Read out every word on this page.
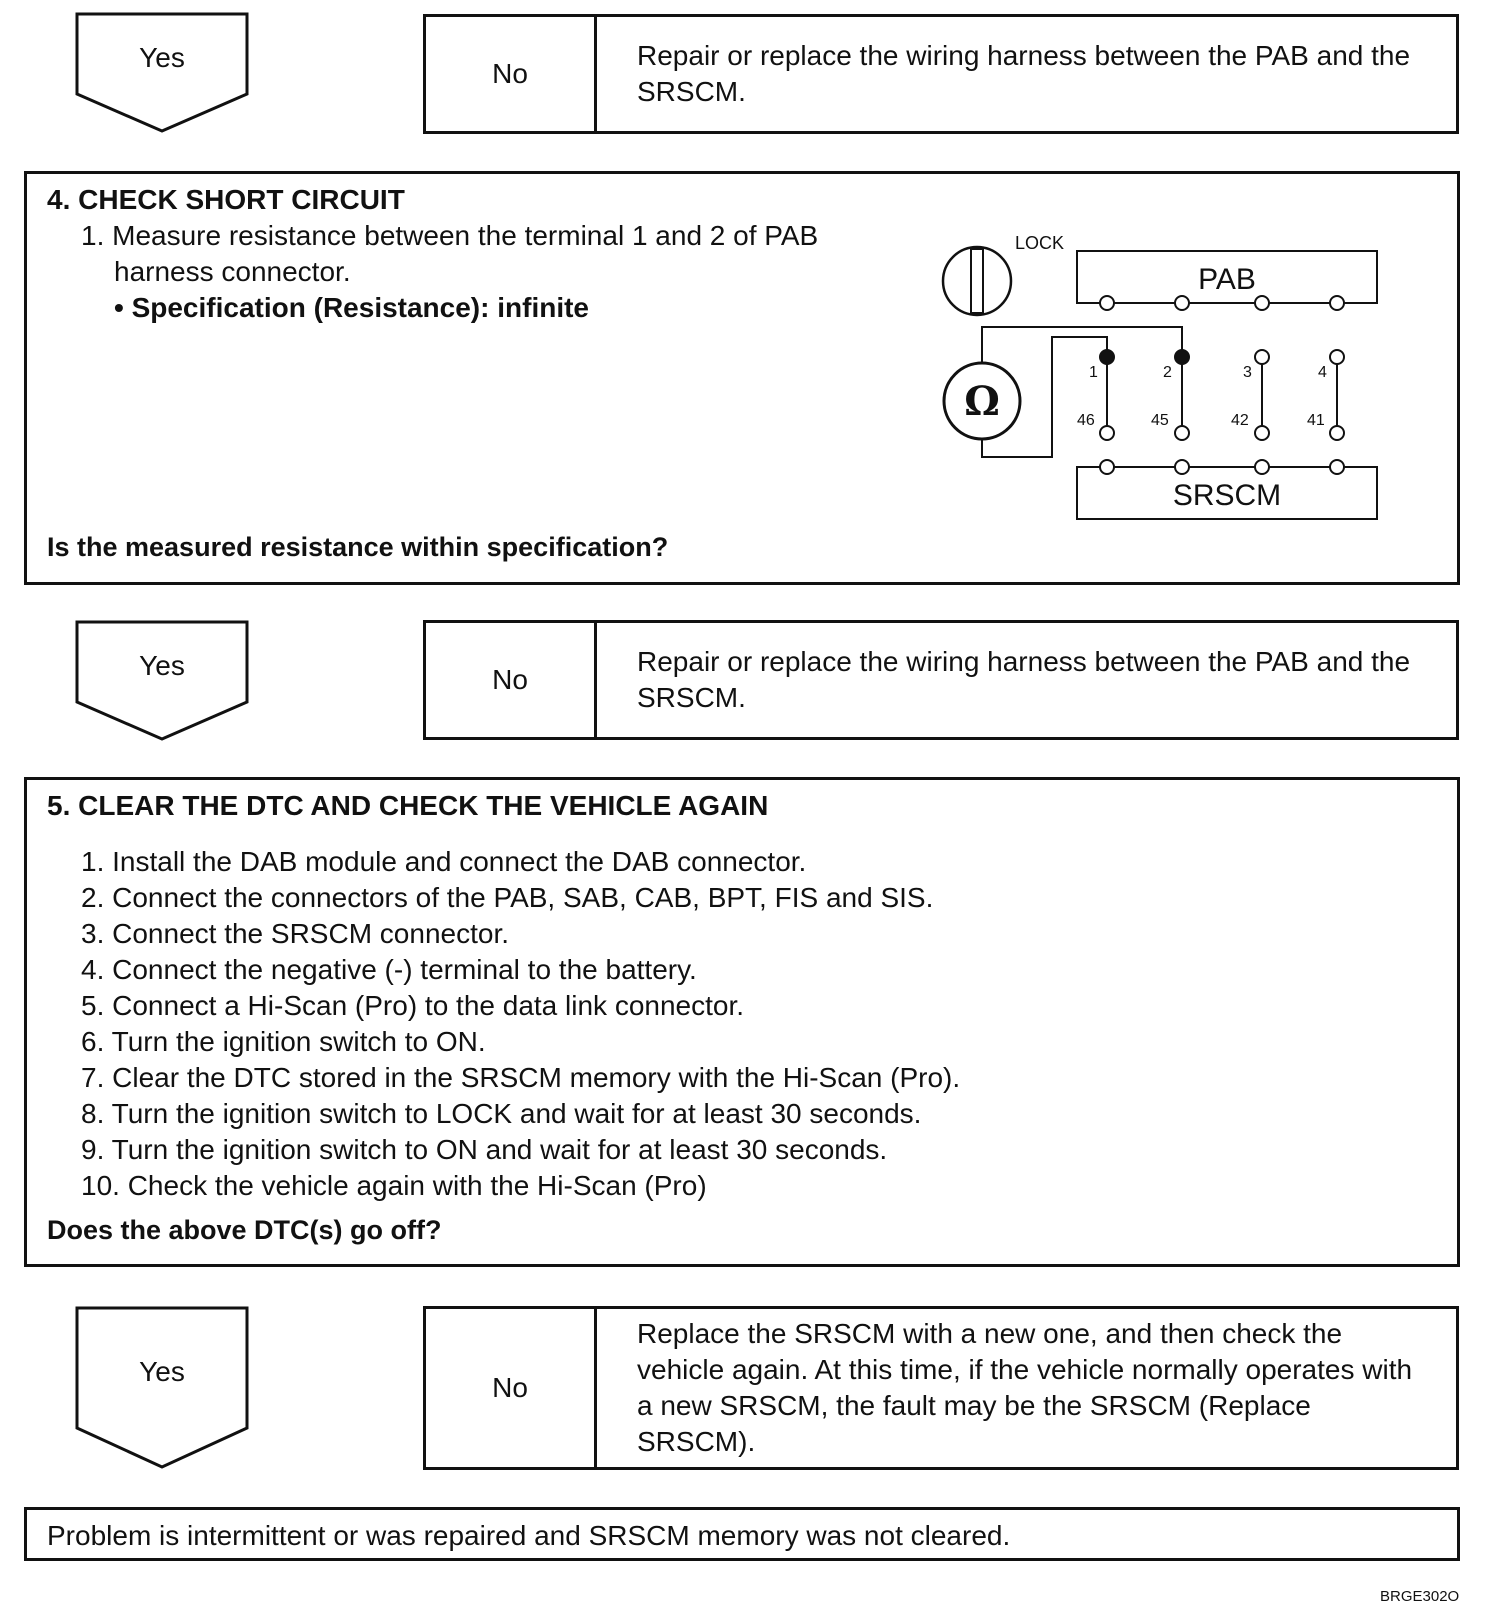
Yes
No
Repair or replace the wiring harness between the PAB and the SRSCM.
4. CHECK SHORT CIRCUIT
1. Measure resistance between the terminal 1 and 2 of PAB
harness connector.
• Specification (Resistance): infinite
LOCK
PAB
SRSCM
1	2	3	4
46	45	42	41
Ω
Is the measured resistance within specification?
Yes	No
Repair or replace the wiring harness between the PAB and the SRSCM.
5. CLEAR THE DTC AND CHECK THE VEHICLE AGAIN
1. Install the DAB module and connect the DAB connector.
2. Connect the connectors of the PAB, SAB, CAB, BPT, FIS and SIS.
3. Connect the SRSCM connector.
4. Connect the negative (-) terminal to the battery.
5. Connect a Hi-Scan (Pro) to the data link connector.
6. Turn the ignition switch to ON.
7. Clear the DTC stored in the SRSCM memory with the Hi-Scan (Pro).
8. Turn the ignition switch to LOCK and wait for at least 30 seconds.
9. Turn the ignition switch to ON and wait for at least 30 seconds.
10. Check the vehicle again with the Hi-Scan (Pro)
Does the above DTC(s) go off?
Yes
No
Replace the SRSCM with a new one, and then check the vehicle again. At this time, if the vehicle normally operates with a new SRSCM, the fault may be the SRSCM (Replace SRSCM).
Problem is intermittent or was repaired and SRSCM memory was not cleared.
BRGE302O
